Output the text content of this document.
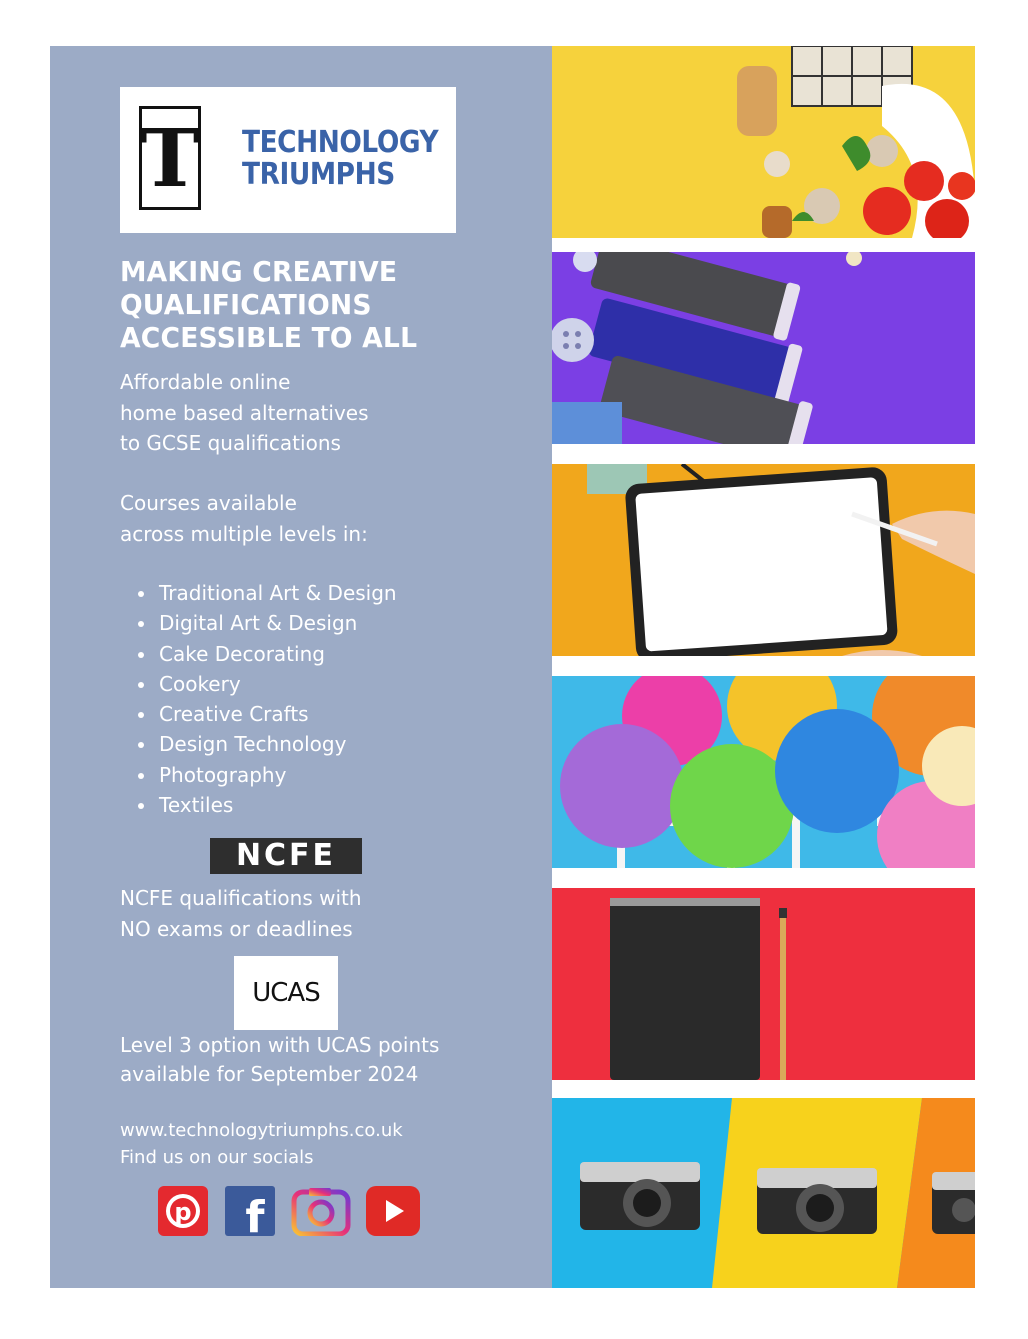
T TECHNOLOGY
TRIUMPHS
MAKING CREATIVE
QUALIFICATIONS
ACCESSIBLE TO ALL
Affordable online
home based alternatives
to GCSE qualifications
Courses available
across multiple levels in:
Traditional Art & Design
Digital Art & Design
Cake Decorating
Cookery
Creative Crafts
Design Technology
Photography
Textiles
NCFE
NCFE qualifications with
NO exams or deadlines
UCAS
Level 3 option with UCAS points
available for September 2024
www.technologytriumphs.co.uk
Find us on our socials
p f
